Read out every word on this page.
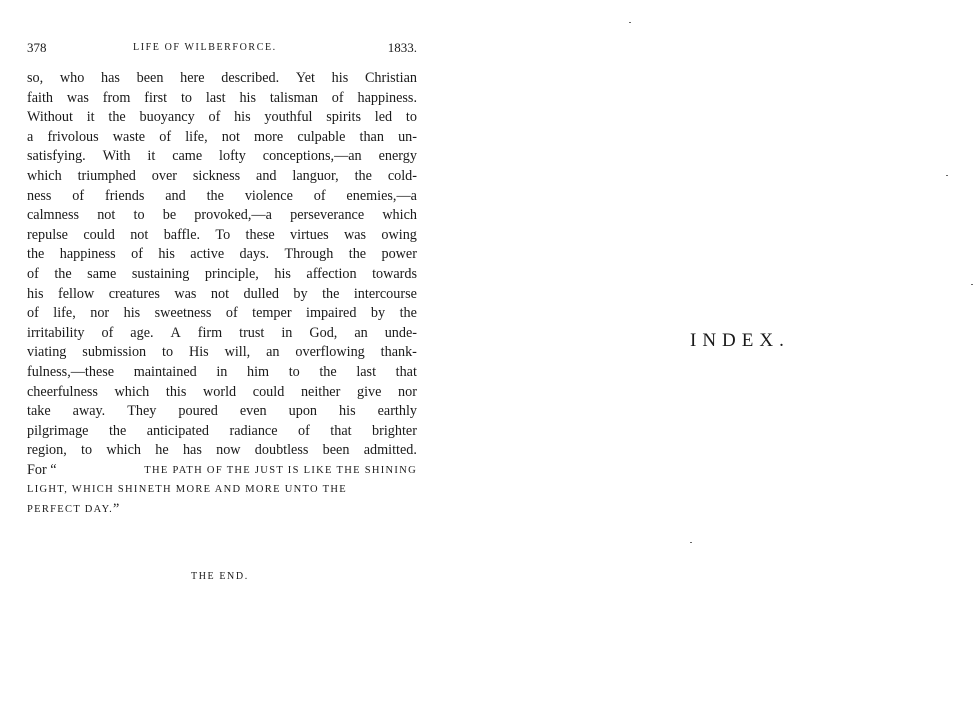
378	LIFE OF WILBERFORCE.	1833.
so, who has been here described. Yet his Christian
faith was from first to last his talisman of happiness.
Without it the buoyancy of his youthful spirits led to
a frivolous waste of life, not more culpable than un-
satisfying. With it came lofty conceptions,—an energy
which triumphed over sickness and languor, the cold-
ness of friends and the violence of enemies,—a
calmness not to be provoked,—a perseverance which
repulse could not baffle. To these virtues was owing
the happiness of his active days. Through the power
of the same sustaining principle, his affection towards
his fellow creatures was not dulled by the intercourse
of life, nor his sweetness of temper impaired by the
irritability of age. A firm trust in God, an unde-
viating submission to His will, an overflowing thank-
fulness,—these maintained in him to the last that
cheerfulness which this world could neither give nor
take away. They poured even upon his earthly
pilgrimage the anticipated radiance of that brighter
region, to which he has now doubtless been admitted.
For “	THE PATH OF THE JUST IS LIKE THE SHINING
LIGHT, WHICH SHINETH MORE AND MORE UNTO THE
PERFECT DAY. ”
THE END.
INDEX.
